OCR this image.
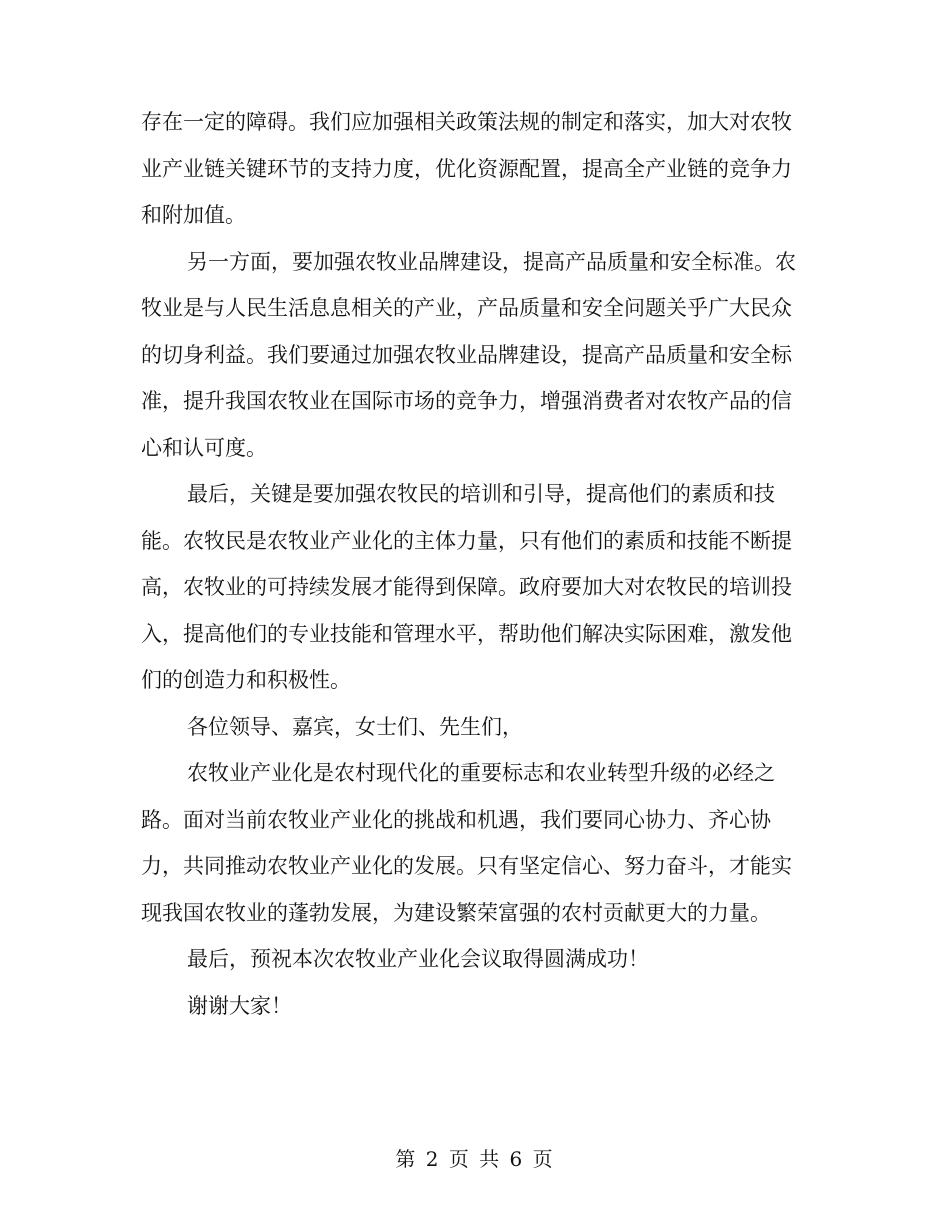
存在一定的障碍。我们应加强相关政策法规的制定和落实，加大对农牧业产业链关键环节的支持力度，优化资源配置，提高全产业链的竞争力和附加值。

另一方面，要加强农牧业品牌建设，提高产品质量和安全标准。农牧业是与人民生活息息相关的产业，产品质量和安全问题关乎广大民众的切身利益。我们要通过加强农牧业品牌建设，提高产品质量和安全标准，提升我国农牧业在国际市场的竞争力，增强消费者对农牧产品的信心和认可度。

最后，关键是要加强农牧民的培训和引导，提高他们的素质和技能。农牧民是农牧业产业化的主体力量，只有他们的素质和技能不断提高，农牧业的可持续发展才能得到保障。政府要加大对农牧民的培训投入，提高他们的专业技能和管理水平，帮助他们解决实际困难，激发他们的创造力和积极性。

各位领导、嘉宾，女士们、先生们，

农牧业产业化是农村现代化的重要标志和农业转型升级的必经之路。面对当前农牧业产业化的挑战和机遇，我们要同心协力、齐心协力，共同推动农牧业产业化的发展。只有坚定信心、努力奋斗，才能实现我国农牧业的蓬勃发展，为建设繁荣富强的农村贡献更大的力量。

最后，预祝本次农牧业产业化会议取得圆满成功！

谢谢大家！

第 2 页 共 6 页
